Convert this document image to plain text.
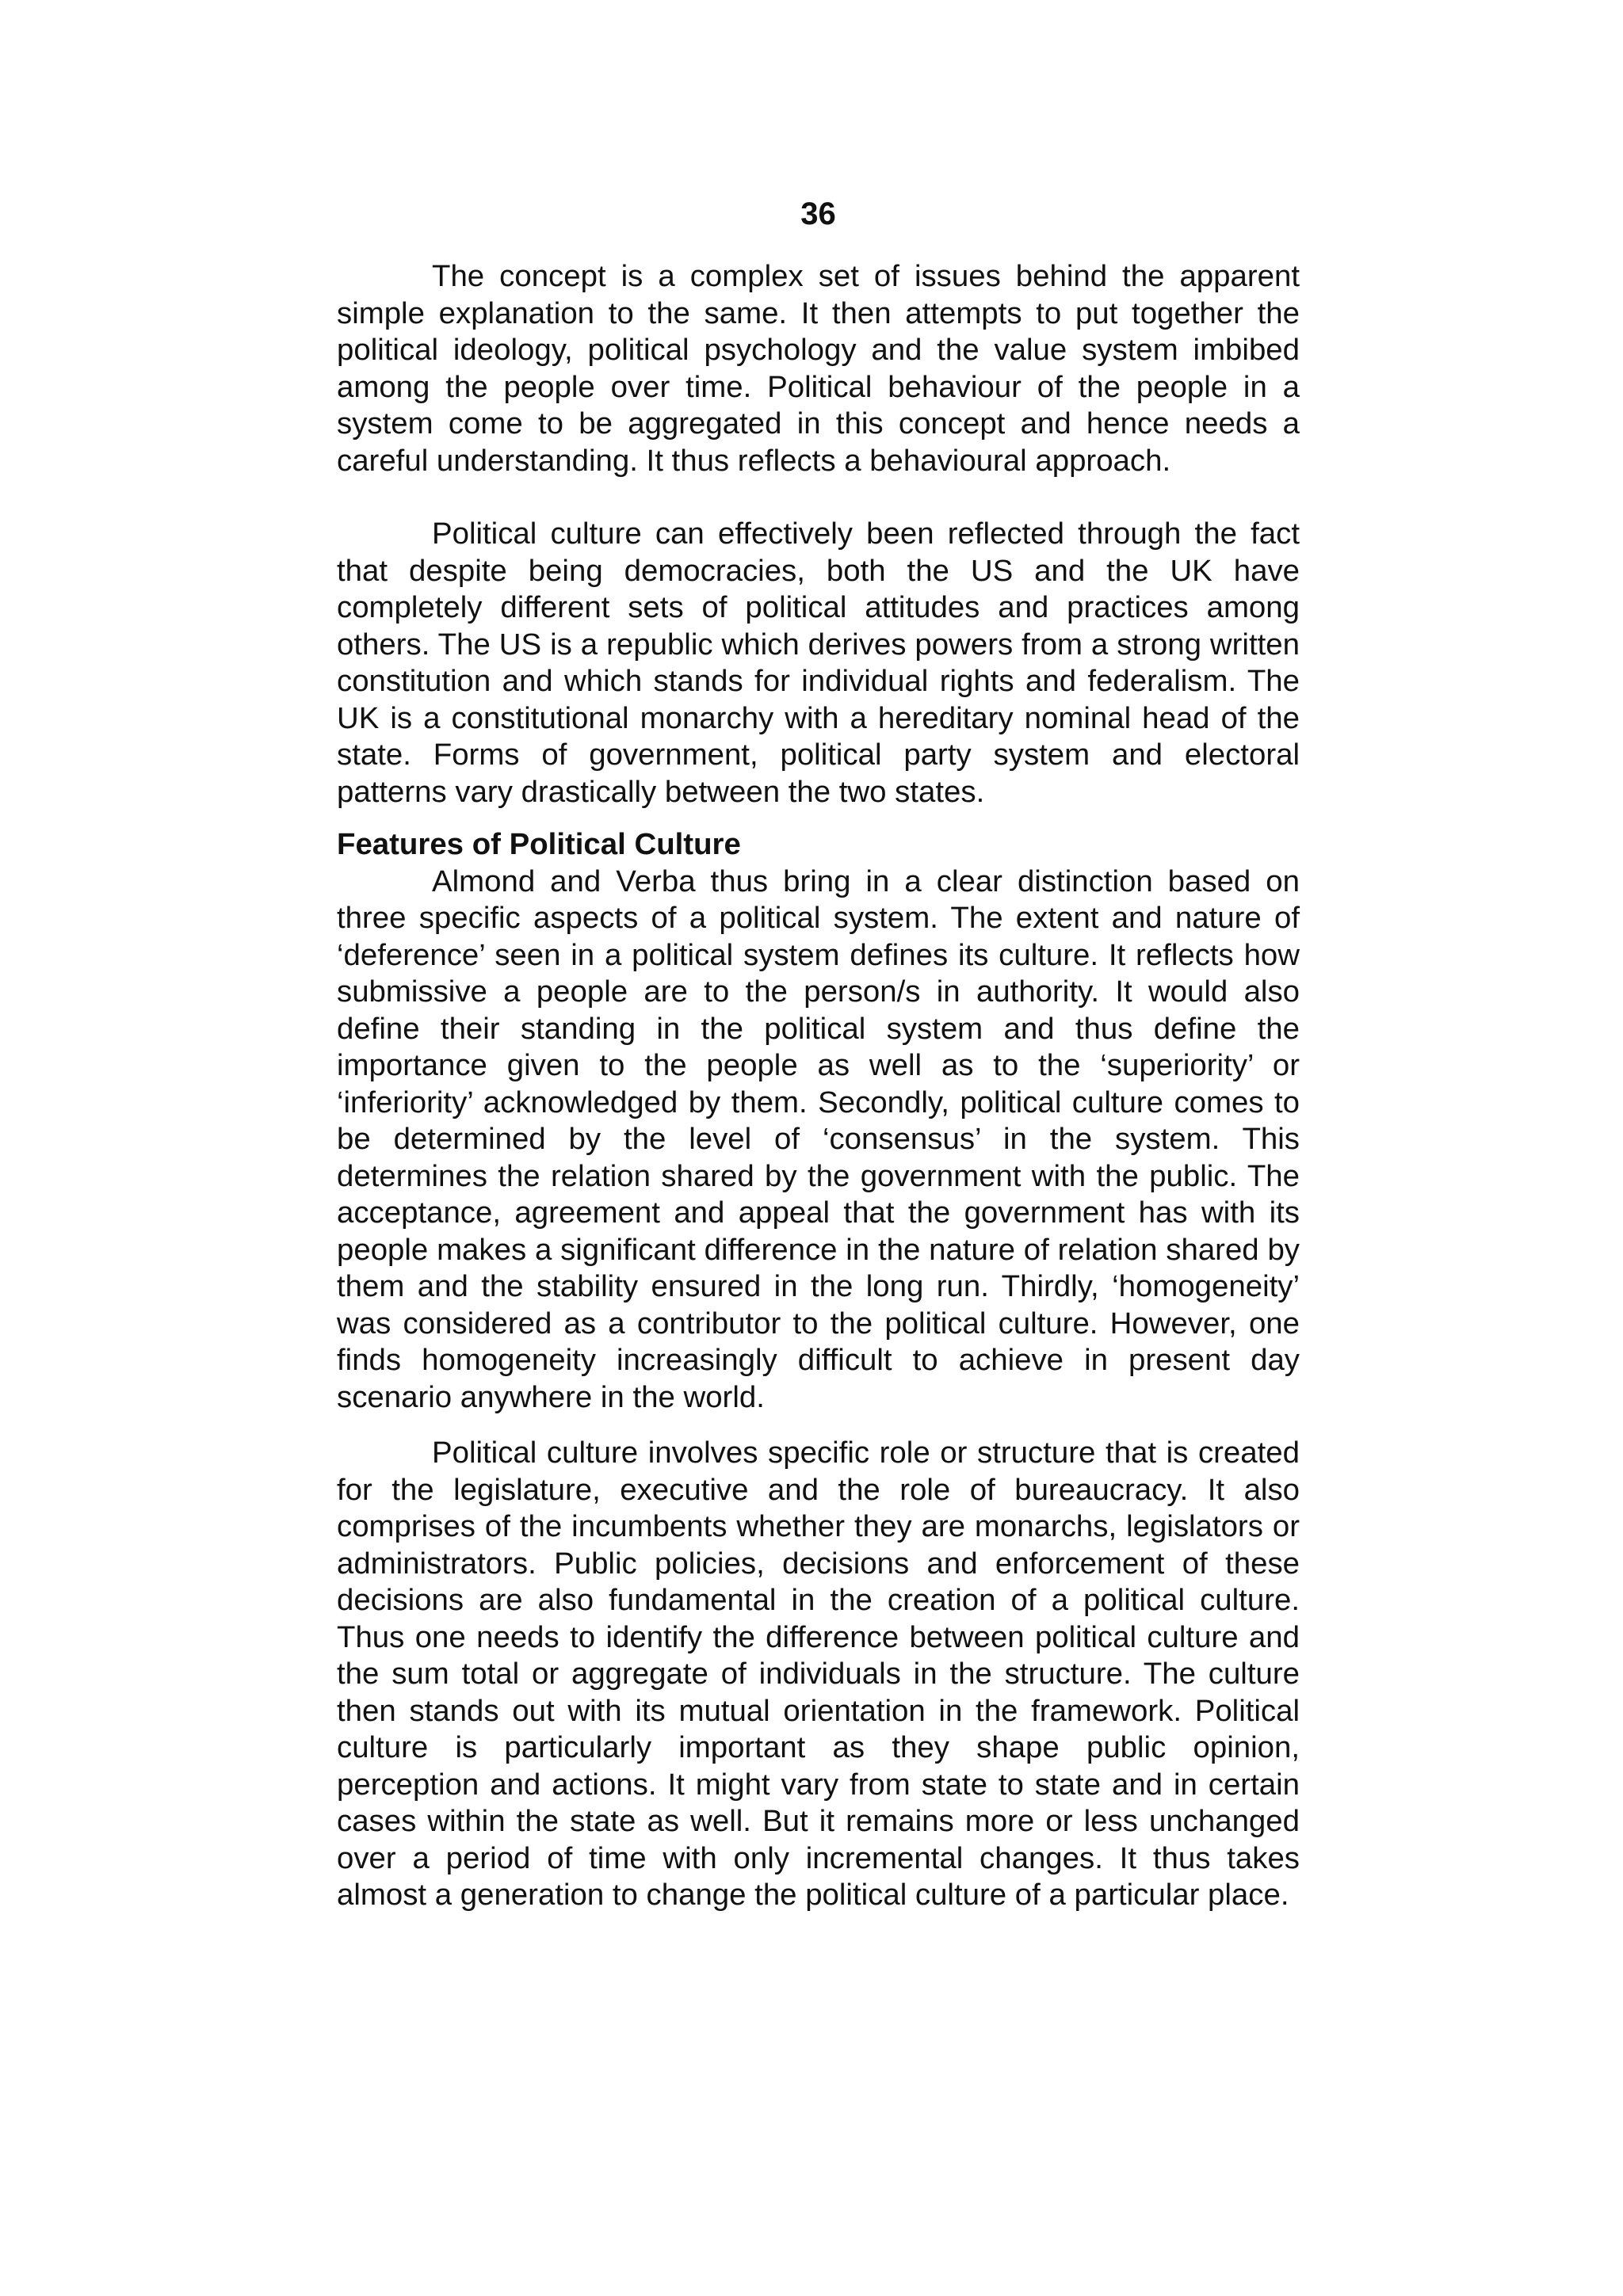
36

The concept is a complex set of issues behind the apparent simple explanation to the same. It then attempts to put together the political ideology, political psychology and the value system imbibed among the people over time. Political behaviour of the people in a system come to be aggregated in this concept and hence needs a careful understanding. It thus reflects a behavioural approach.

Political culture can effectively been reflected through the fact that despite being democracies, both the US and the UK have completely different sets of political attitudes and practices among others. The US is a republic which derives powers from a strong written constitution and which stands for individual rights and federalism. The UK is a constitutional monarchy with a hereditary nominal head of the state. Forms of government, political party system and electoral patterns vary drastically between the two states.

Features of Political Culture

Almond and Verba thus bring in a clear distinction based on three specific aspects of a political system. The extent and nature of ‘deference’ seen in a political system defines its culture. It reflects how submissive a people are to the person/s in authority. It would also define their standing in the political system and thus define the importance given to the people as well as to the ‘superiority’ or ‘inferiority’ acknowledged by them. Secondly, political culture comes to be determined by the level of ‘consensus’ in the system. This determines the relation shared by the government with the public. The acceptance, agreement and appeal that the government has with its people makes a significant difference in the nature of relation shared by them and the stability ensured in the long run. Thirdly, ‘homogeneity’ was considered as a contributor to the political culture. However, one finds homogeneity increasingly difficult to achieve in present day scenario anywhere in the world.

Political culture involves specific role or structure that is created for the legislature, executive and the role of bureaucracy. It also comprises of the incumbents whether they are monarchs, legislators or administrators. Public policies, decisions and enforcement of these decisions are also fundamental in the creation of a political culture. Thus one needs to identify the difference between political culture and the sum total or aggregate of individuals in the structure. The culture then stands out with its mutual orientation in the framework. Political culture is particularly important as they shape public opinion, perception and actions. It might vary from state to state and in certain cases within the state as well. But it remains more or less unchanged over a period of time with only incremental changes. It thus takes almost a generation to change the political culture of a particular place.
